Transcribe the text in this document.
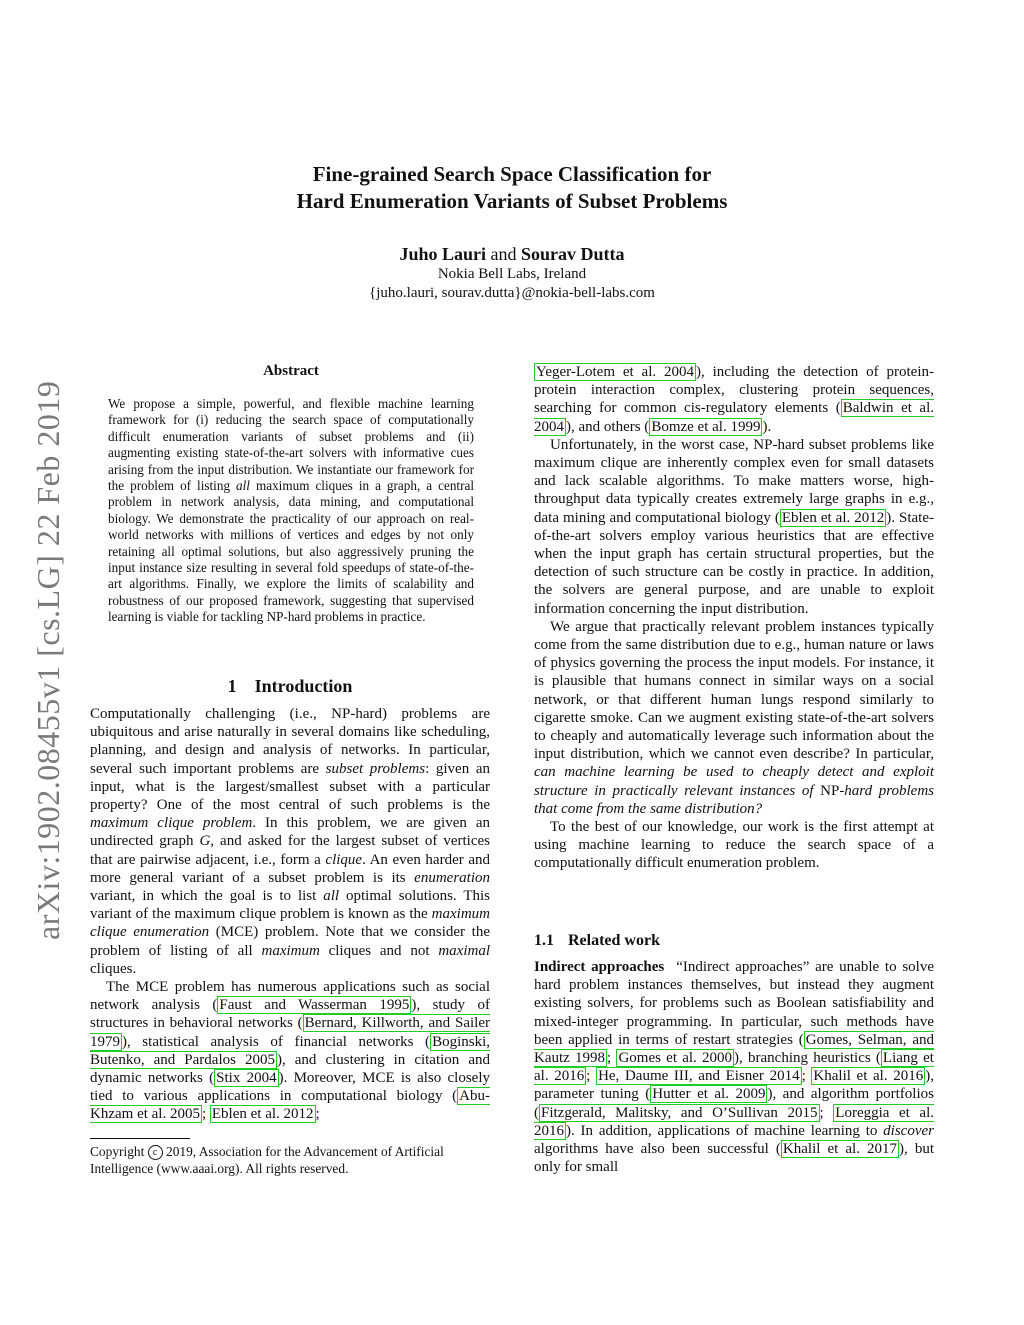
Fine-grained Search Space Classification for
Hard Enumeration Variants of Subset Problems
Juho Lauri and Sourav Dutta
Nokia Bell Labs, Ireland
{juho.lauri, sourav.dutta}@nokia-bell-labs.com
arXiv:1902.08455v1 [cs.LG] 22 Feb 2019
Abstract
We propose a simple, powerful, and flexible machine learning framework for (i) reducing the search space of computationally difficult enumeration variants of subset problems and (ii) augmenting existing state-of-the-art solvers with informative cues arising from the input distribution. We instantiate our framework for the problem of listing all maximum cliques in a graph, a central problem in network analysis, data mining, and computational biology. We demonstrate the practicality of our approach on real-world networks with millions of vertices and edges by not only retaining all optimal solutions, but also aggressively pruning the input instance size resulting in several fold speedups of state-of-the-art algorithms. Finally, we explore the limits of scalability and robustness of our proposed framework, suggesting that supervised learning is viable for tackling NP-hard problems in practice.
1 Introduction

Computationally challenging (i.e., NP-hard) problems are ubiquitous and arise naturally in several domains like scheduling, planning, and design and analysis of networks. In particular, several such important problems are subset problems: given an input, what is the largest/smallest subset with a particular property? One of the most central of such problems is the maximum clique problem. In this problem, we are given an undirected graph G, and asked for the largest subset of vertices that are pairwise adjacent, i.e., form a clique. An even harder and more general variant of a subset problem is its enumeration variant, in which the goal is to list all optimal solutions. This variant of the maximum clique problem is known as the maximum clique enumeration (MCE) problem. Note that we consider the problem of listing of all maximum cliques and not maximal cliques.

The MCE problem has numerous applications such as social network analysis ( Faust and Wasserman 1995 ), study of structures in behavioral networks ( Bernard, Killworth, and Sailer 1979 ), statistical analysis of financial networks ( Boginski, Butenko, and Pardalos 2005 ), and clustering in citation and dynamic networks ( Stix 2004 ). Moreover, MCE is also closely tied to various applications in computational biology ( Abu-Khzam et al. 2005 ; Eblen et al. 2012 ;

Copyright c 2019, Association for the Advancement of Artificial Intelligence (www.aaai.org). All rights reserved.

Yeger-Lotem et al. 2004 ), including the detection of protein-protein interaction complex, clustering protein sequences, searching for common cis-regulatory elements ( Baldwin et al. 2004 ), and others ( Bomze et al. 1999 ).

Unfortunately, in the worst case, NP-hard subset problems like maximum clique are inherently complex even for small datasets and lack scalable algorithms. To make matters worse, high-throughput data typically creates extremely large graphs in e.g., data mining and computational biology ( Eblen et al. 2012 ). State-of-the-art solvers employ various heuristics that are effective when the input graph has certain structural properties, but the detection of such structure can be costly in practice. In addition, the solvers are general purpose, and are unable to exploit information concerning the input distribution.

We argue that practically relevant problem instances typically come from the same distribution due to e.g., human nature or laws of physics governing the process the input models. For instance, it is plausible that humans connect in similar ways on a social network, or that different human lungs respond similarly to cigarette smoke. Can we augment existing state-of-the-art solvers to cheaply and automatically leverage such information about the input distribution, which we cannot even describe? In particular, can machine learning be used to cheaply detect and exploit structure in practically relevant instances of NP-hard problems that come from the same distribution?

To the best of our knowledge, our work is the first attempt at using machine learning to reduce the search space of a computationally difficult enumeration problem.

1.1 Related work

Indirect approaches “Indirect approaches” are unable to solve hard problem instances themselves, but instead they augment existing solvers, for problems such as Boolean satisfiability and mixed-integer programming. In particular, such methods have been applied in terms of restart strategies ( Gomes, Selman, and Kautz 1998 ; Gomes et al. 2000 ), branching heuristics ( Liang et al. 2016 ; He, Daume III, and Eisner 2014 ; Khalil et al. 2016 ), parameter tuning ( Hutter et al. 2009 ), and algorithm portfolios ( Fitzgerald, Malitsky, and O’Sullivan 2015 ; Loreggia et al. 2016 ). In addition, applications of machine learning to discover algorithms have also been successful ( Khalil et al. 2017 ), but only for small
